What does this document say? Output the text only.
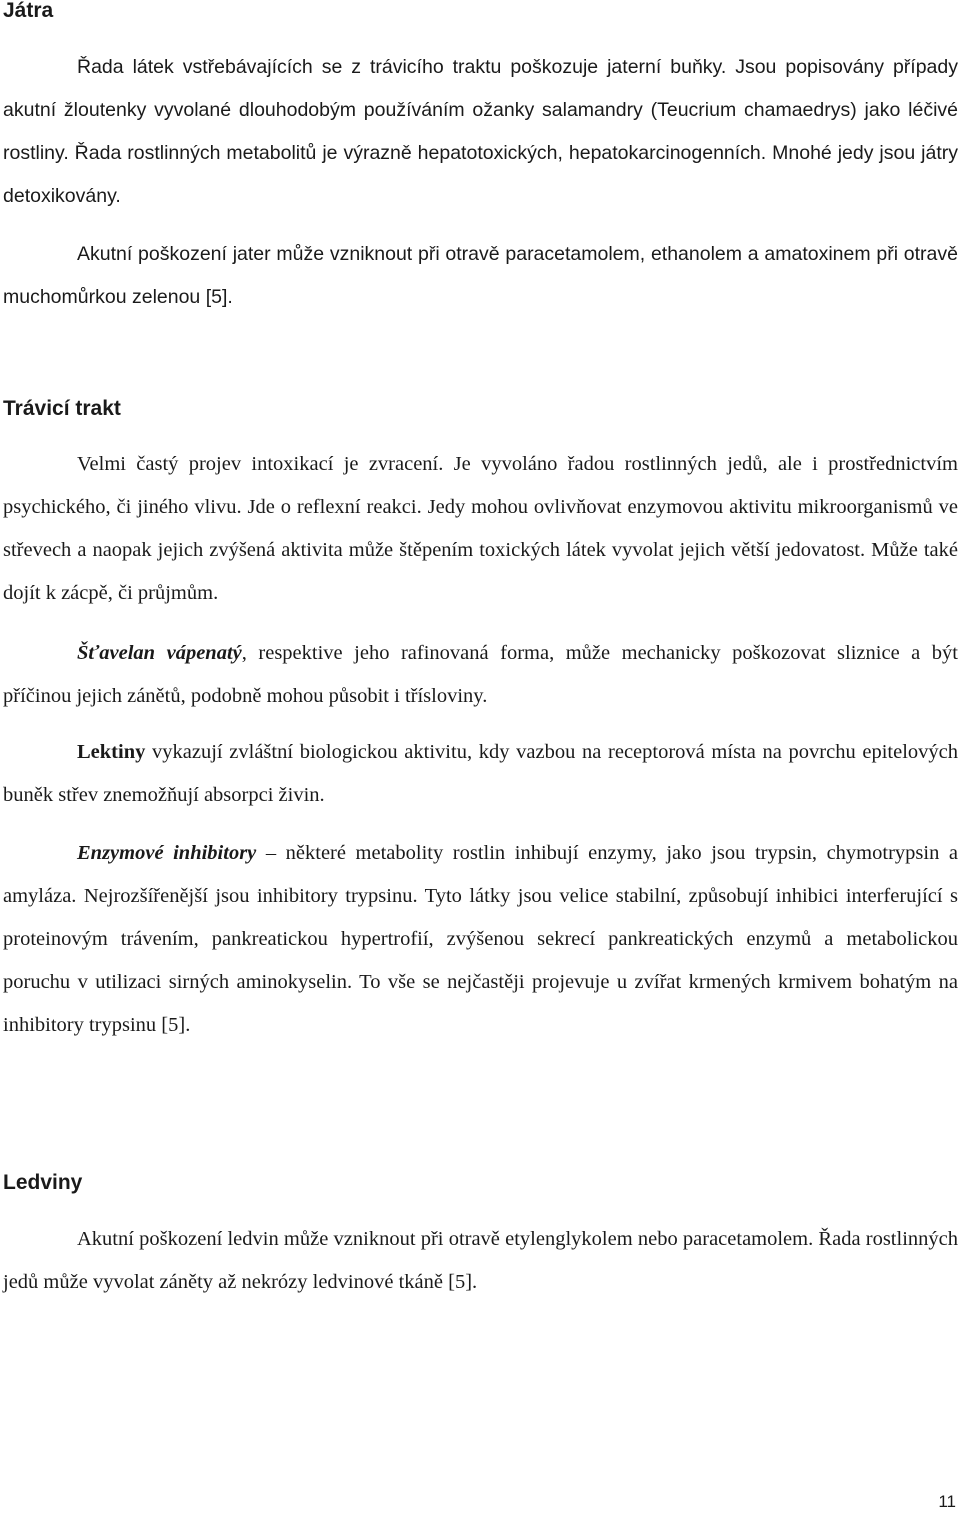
Játra

Řada látek vstřebávajících se z trávicího traktu poškozuje jaterní buňky. Jsou popisovány případy akutní žloutenky vyvolané dlouhodobým používáním ožanky salamandry (Teucrium chamaedrys) jako léčivé rostliny. Řada rostlinných metabolitů je výrazně hepatotoxických, hepatokarcinogenních. Mnohé jedy jsou játry detoxikovány.

Akutní poškození jater může vzniknout při otravě paracetamolem, ethanolem a amatoxinem při otravě muchomůrkou zelenou [5].

Trávicí trakt

Velmi častý projev intoxikací je zvracení. Je vyvoláno řadou rostlinných jedů, ale i prostřednictvím psychického, či jiného vlivu. Jde o reflexní reakci. Jedy mohou ovlivňovat enzymovou aktivitu mikroorganismů ve střevech a naopak jejich zvýšená aktivita může štěpením toxických látek vyvolat jejich větší jedovatost. Může také dojít k zácpě, či průjmům.

Šťavelan vápenatý, respektive jeho rafinovaná forma, může mechanicky poškozovat sliznice a být příčinou jejich zánětů, podobně mohou působit i třísloviny.

Lektiny vykazují zvláštní biologickou aktivitu, kdy vazbou na receptorová místa na povrchu epitelových buněk střev znemožňují absorpci živin.

Enzymové inhibitory – některé metabolity rostlin inhibují enzymy, jako jsou trypsin, chymotrypsin a amyláza. Nejrozšířenější jsou inhibitory trypsinu. Tyto látky jsou velice stabilní, způsobují inhibici interferující s proteinovým trávením, pankreatickou hypertrofií, zvýšenou sekrecí pankreatických enzymů a metabolickou poruchu v utilizaci sirných aminokyselin. To vše se nejčastěji projevuje u zvířat krmených krmivem bohatým na inhibitory trypsinu [5].

Ledviny

Akutní poškození ledvin může vzniknout při otravě etylenglykolem nebo paracetamolem. Řada rostlinných jedů může vyvolat záněty až nekrózy ledvinové tkáně [5].

11
